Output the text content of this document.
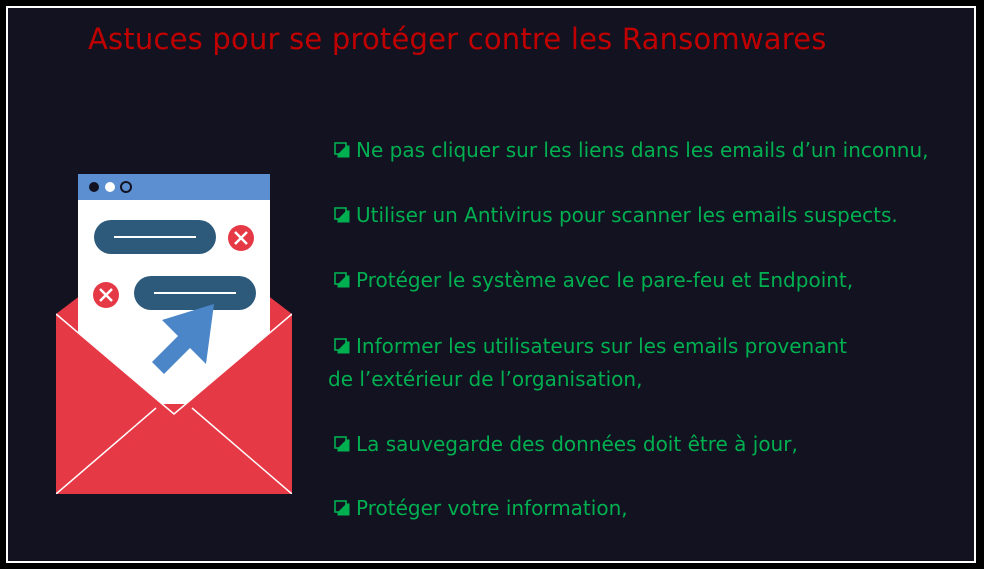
Astuces pour se protéger contre les Ransomwares
Ne pas cliquer sur les liens dans les emails d’un inconnu,
Utiliser un Antivirus pour scanner les emails suspects.
Protéger le système avec le pare-feu et Endpoint,
Informer les utilisateurs sur les emails provenant
de l’extérieur de l’organisation,
La sauvegarde des données doit être à jour,
Protéger votre information,
